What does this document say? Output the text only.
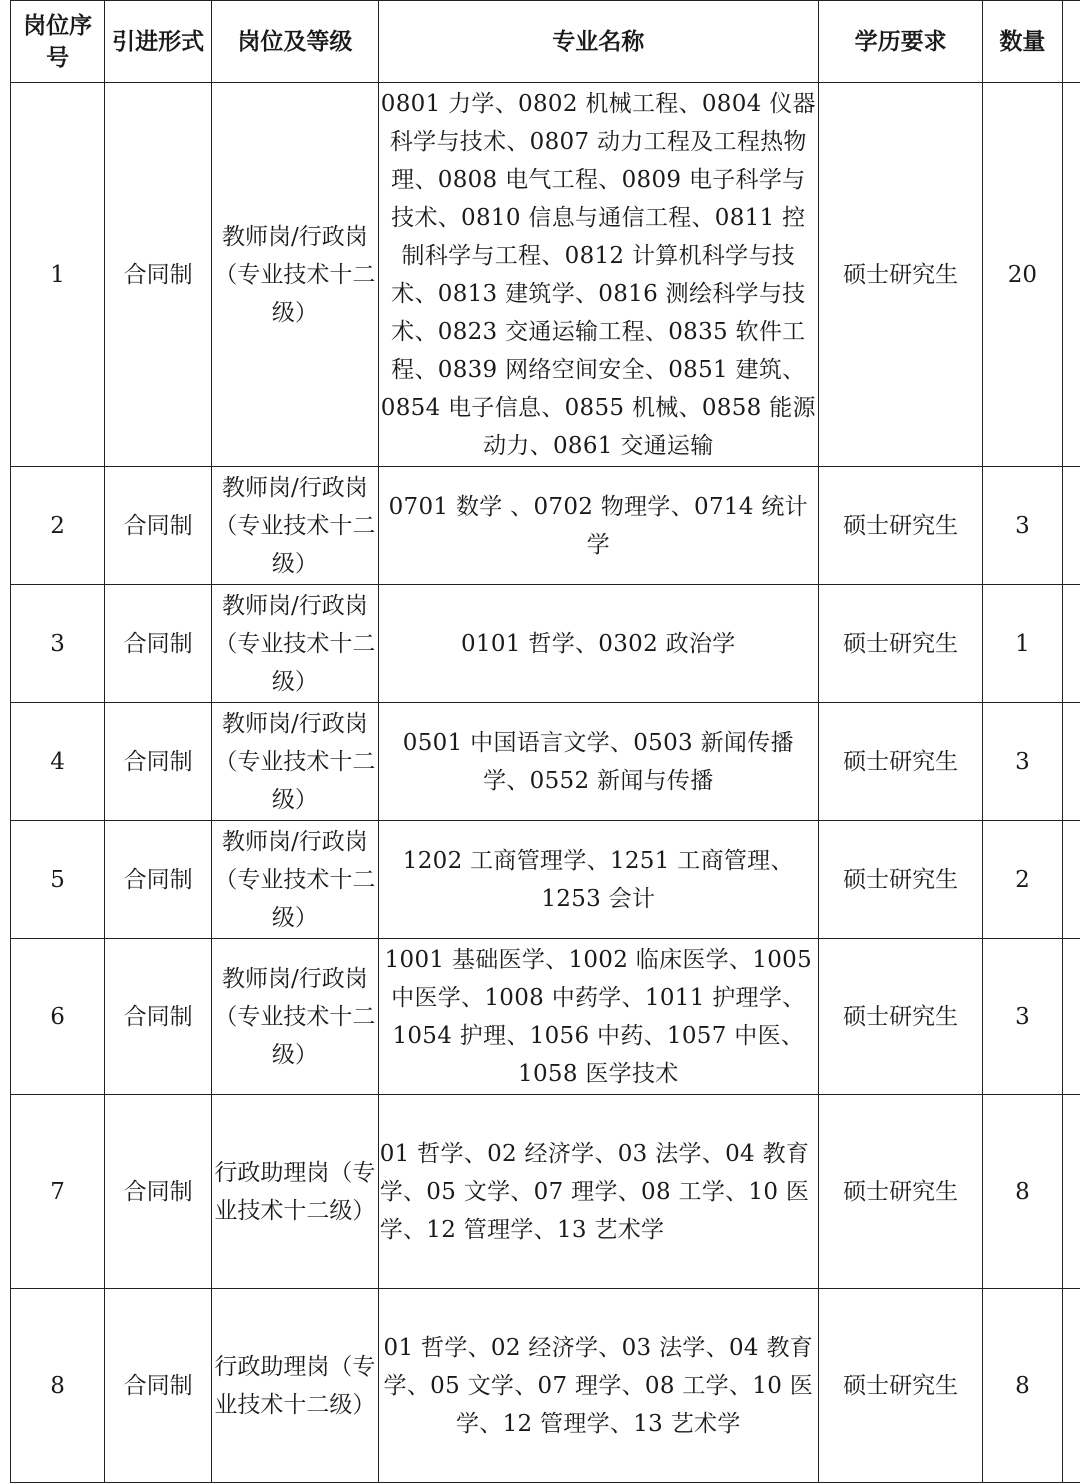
岗位序号	引进形式	岗位及等级	专业名称	学历要求	数量	
1	合同制	教师岗/行政岗（专业技术十二级）	0801 力学、0802 机械工程、0804 仪器科学与技术、0807 动力工程及工程热物理、0808 电气工程、0809 电子科学与技术、0810 信息与通信工程、0811 控制科学与工程、0812 计算机科学与技术、0813 建筑学、0816 测绘科学与技术、0823 交通运输工程、0835 软件工程、0839 网络空间安全、0851 建筑、0854 电子信息、0855 机械、0858 能源动力、0861 交通运输	硕士研究生	20	
2	合同制	教师岗/行政岗（专业技术十二级）	0701 数学 、0702 物理学、0714 统计学	硕士研究生	3	
3	合同制	教师岗/行政岗（专业技术十二级）	0101 哲学、0302 政治学	硕士研究生	1	
4	合同制	教师岗/行政岗（专业技术十二级）	0501 中国语言文学、0503 新闻传播学、0552 新闻与传播	硕士研究生	3	
5	合同制	教师岗/行政岗（专业技术十二级）	1202 工商管理学、1251 工商管理、1253 会计	硕士研究生	2	
6	合同制	教师岗/行政岗（专业技术十二级）	1001 基础医学、1002 临床医学、1005 中医学、1008 中药学、1011 护理学、1054 护理、1056 中药、1057 中医、1058 医学技术	硕士研究生	3	
7	合同制	行政助理岗（专业技术十二级）	01 哲学、02 经济学、03 法学、04 教育学、05 文学、07 理学、08 工学、10 医学、12 管理学、13 艺术学	硕士研究生	8	
8	合同制	行政助理岗（专业技术十二级）	01 哲学、02 经济学、03 法学、04 教育学、05 文学、07 理学、08 工学、10 医学、12 管理学、13 艺术学	硕士研究生	8	
